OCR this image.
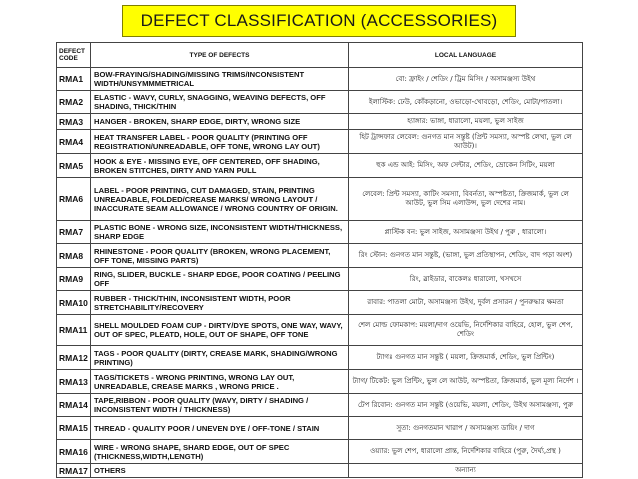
DEFECT CLASSIFICATION (ACCESSORIES)
DEFECT CODE	TYPE OF DEFECTS	LOCAL LANGUAGE
RMA1	BOW-FRAYING/SHADING/MISSING TRIMS/INCONSISTENT WIDTH/UNSYMMMETRICAL	বো: ফ্রাইং / শেডিং / ট্রিম মিসিং / অসামঞ্জস্য উইথ
RMA2	ELASTIC - WAVY, CURLY, SNAGGING, WEAVING DEFECTS, OFF SHADING, THICK/THIN	ইলাস্টিক: ঢেউ, কোঁকড়ানো, ওভাড়ো-খোবড়ো, শেডিং, মোটা/পাতলা।
RMA3	HANGER - BROKEN, SHARP EDGE, DIRTY, WRONG SIZE	হ্যাঙ্গার: ভাঙ্গা, ধারালো, ময়লা, ভুল সাইজ
RMA4	HEAT TRANSFER LABEL - POOR QUALITY (PRINTING OFF REGISTRATION/UNREADABLE, OFF TONE, WRONG LAY OUT)	হিট ট্রান্সফার লেবেল: গুনগত মান সন্তুষ্ট (প্রিন্ট সমস্যা, অস্পষ্ট লেখা, ভুল লে আউট)।
RMA5	HOOK & EYE - MISSING EYE, OFF CENTERED, OFF SHADING, BROKEN STITCHES, DIRTY AND YARN PULL	হুক এন্ড আই: মিসিং, অফ সেন্টার, শেডিং, ভ্রোকেন সিটিং, ময়লা
RMA6	LABEL - POOR PRINTING, CUT DAMAGED, STAIN, PRINTING UNREADABLE, FOLDED/CREASE MARKS/ WRONG LAYOUT / INACCURATE SEAM ALLOWANCE / WRONG COUNTRY OF ORIGIN.	লেবেল: প্রিন্ট সমস্যা, কাটিং সমস্যা, বিবর্নতা, অস্পষ্টতা, ক্রিজমার্ক, ভুল লে আউট, ভুল সিম এলাউন্স, ভুল দেশের নাম।
RMA7	PLASTIC BONE - WRONG SIZE, INCONSISTENT WIDTH/THICKNESS, SHARP EDGE	প্লাস্টিক বন: ভুল সাইজ, অসামঞ্জস্য উইথ / পুরু , ধারালো।
RMA8	RHINESTONE - POOR QUALITY (BROKEN, WRONG PLACEMENT, OFF TONE, MISSING PARTS)	রিং স্টোন: গুনগত মান সন্তুষ্ট, (ভাঙ্গা, ভুল প্রতিস্থাপন, শেডিং, বাদ পড়া অংশ)
RMA9	RING, SLIDER, BUCKLE - SHARP EDGE, POOR COATING / PEELING OFF	রিং, স্লাইডার, বাকেলঃ ধারালো, খসখসে
RMA10	RUBBER - THICK/THIN, INCONSISTENT WIDTH, POOR STRETCHABILITY/RECOVERY	রাবার: পাতলা মোটা, অসামঞ্জস্য উইথ, দুর্বল প্রসারন / পুনরুদ্ধার ক্ষমতা
RMA11	SHELL MOULDED FOAM CUP - DIRTY/DYE SPOTS, ONE WAY, WAVY, OUT OF SPEC, PLEATD, HOLE, OUT OF SHAPE, OFF TONE	শেল মোল্ড ফোমকাপ: ময়লা/দাগ ওয়েভি, নির্দেশিকার বাহিরে, হোল, ভুল শেপ, শেডিং
RMA12	TAGS - POOR QUALITY (DIRTY, CREASE MARK, SHADING/WRONG PRINTING)	ট্যাগঃ গুনগত মান সন্তুষ্ট ( ময়লা, ক্রিজমার্ক, শেডিং, ভুল প্রিন্টিং)
RMA13	TAGS/TICKETS - WRONG PRINTING, WRONG LAY OUT, UNREADABLE, CREASE MARKS , WRONG PRICE .	ট্যাগ/ টিকেট: ভুল প্রিন্টিং, ভুল লে আউট, অস্পষ্টতা, ক্রিজমার্ক, ভুল মূল্য নির্দেশ ।
RMA14	TAPE,RIBBON - POOR QUALITY (WAVY, DIRTY / SHADING / INCONSISTENT WIDTH / THICKNESS)	টেপ রিবোন: গুনগত মান সন্তুষ্ট (ওয়েভি, ময়লা, শেডিং, উইথ অসামঞ্জস্য, পুরু
RMA15	THREAD - QUALITY POOR / UNEVEN DYE / OFF-TONE / STAIN	সুতা: গুনগতমান খারাপ / অসামঞ্জস্য ডায়িং / দাগ
RMA16	WIRE - WRONG SHAPE, SHARD EDGE, OUT OF SPEC (THICKNESS,WIDTH,LENGTH)	ওয়্যার: ভুল শেপ, ধারালো প্রান্ত, নির্দেশিকার বাহিরে (পুরু, দৈর্ঘ্য,প্রস্থ )
RMA17	OTHERS	অন্যান্য
